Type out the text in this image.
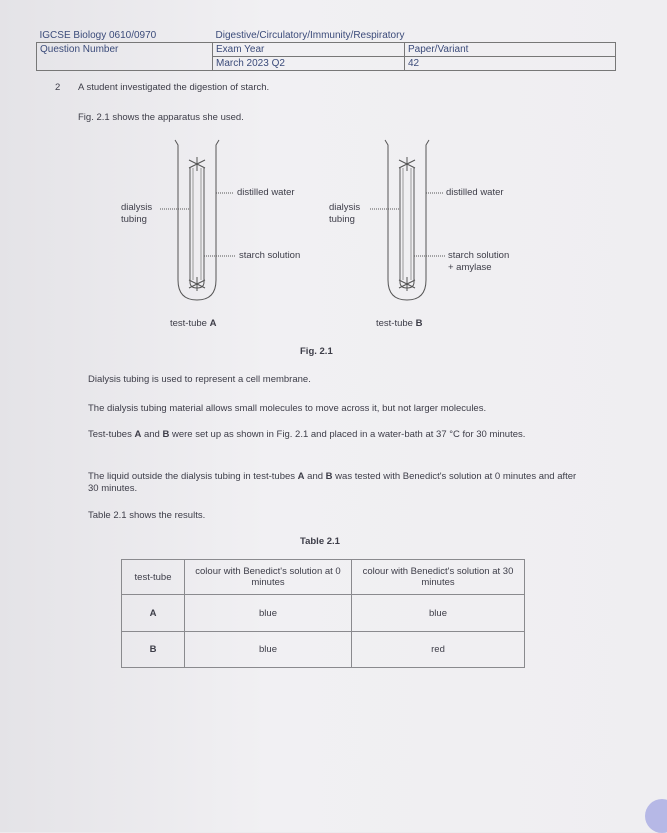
IGCSE Biology 0610/0970	Digestive/Circulatory/Immunity/Respiratory	
Question Number	Exam Year	Paper/Variant
	March 2023 Q2	42
2 A student investigated the digestion of starch.
Fig. 2.1 shows the apparatus she used.
dialysis
tubing
distilled water
starch solution
test-tube A
dialysis
tubing
distilled water
starch solution
+ amylase
test-tube B
Fig. 2.1
Dialysis tubing is used to represent a cell membrane.
The dialysis tubing material allows small molecules to move across it, but not larger molecules.
Test-tubes A and B were set up as shown in Fig. 2.1 and placed in a water-bath at 37 °C for 30 minutes.
The liquid outside the dialysis tubing in test-tubes A and B was tested with Benedict's solution at 0 minutes and after 30 minutes.
Table 2.1 shows the results.
Table 2.1
test-tube	colour with Benedict's solution at 0 minutes	colour with Benedict's solution at 30 minutes
A	blue	blue
B	blue	red
